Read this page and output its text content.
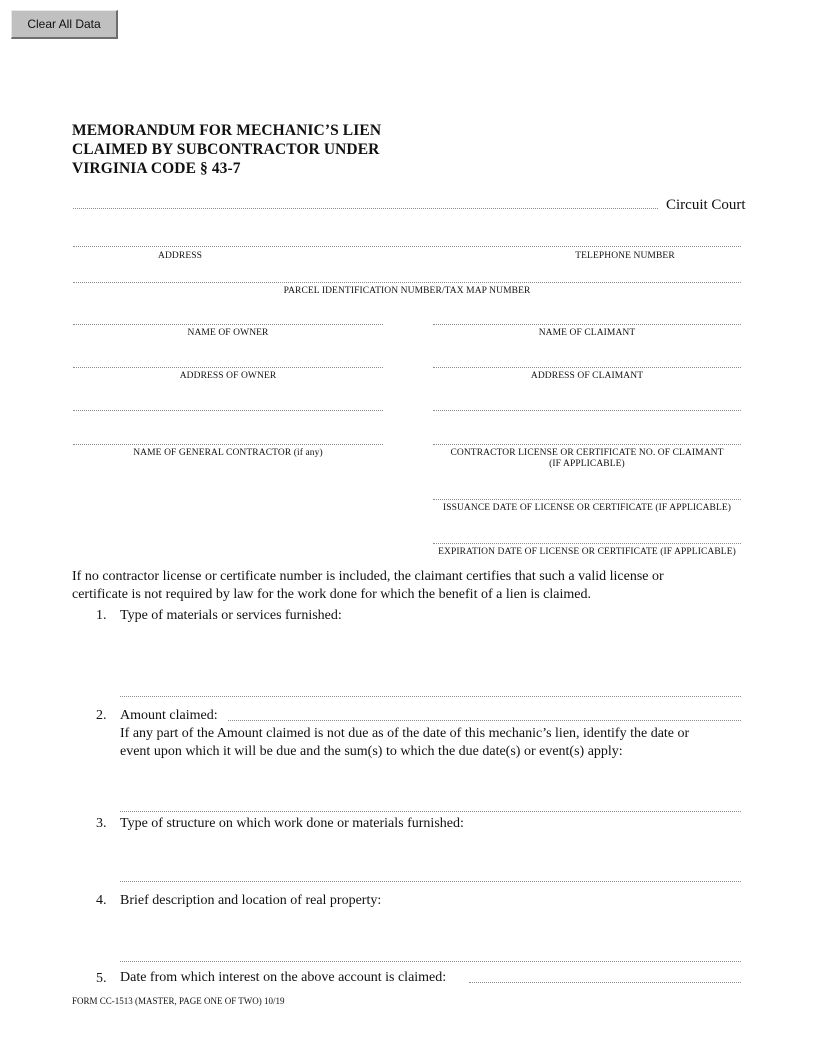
Clear All Data
MEMORANDUM FOR MECHANIC’S LIEN
CLAIMED BY SUBCONTRACTOR UNDER
VIRGINIA CODE § 43-7
Circuit Court
ADDRESS	TELEPHONE NUMBER
PARCEL IDENTIFICATION NUMBER/TAX MAP NUMBER
NAME OF OWNER	NAME OF CLAIMANT
ADDRESS OF OWNER	ADDRESS OF CLAIMANT
NAME OF GENERAL CONTRACTOR (if any)	CONTRACTOR LICENSE OR CERTIFICATE NO. OF CLAIMANT
(IF APPLICABLE)
ISSUANCE DATE OF LICENSE OR CERTIFICATE (IF APPLICABLE)
EXPIRATION DATE OF LICENSE OR CERTIFICATE (IF APPLICABLE)
If no contractor license or certificate number is included, the claimant certifies that such a valid license or
certificate is not required by law for the work done for which the benefit of a lien is claimed.
1. Type of materials or services furnished:
2. Amount claimed:
If any part of the Amount claimed is not due as of the date of this mechanic’s lien, identify the date or
event upon which it will be due and the sum(s) to which the due date(s) or event(s) apply:
3. Type of structure on which work done or materials furnished:
4. Brief description and location of real property:
5. Date from which interest on the above account is claimed:
FORM CC-1513 (MASTER, PAGE ONE OF TWO) 10/19
